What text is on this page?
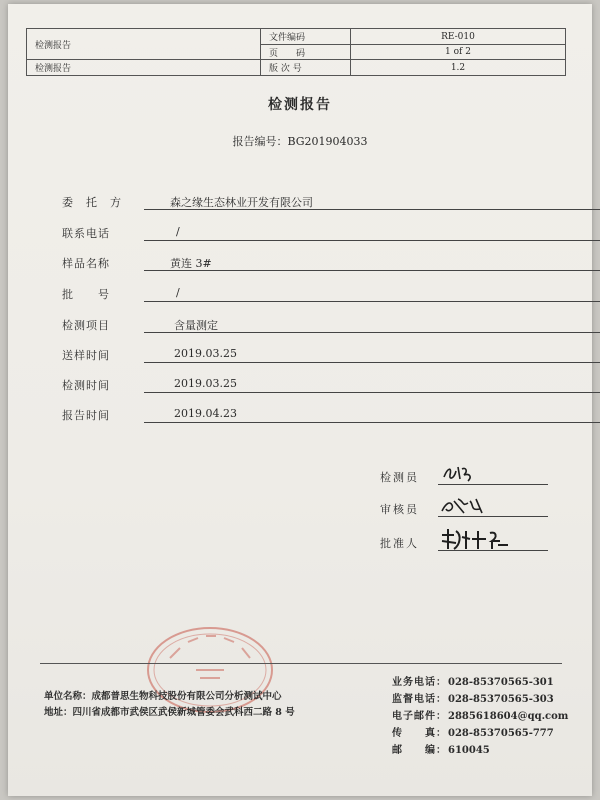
检测报告
检测报告
文件编码	RE-010
页　　码	1 of 2
版 次 号	1.2
检测报告
报告编号：BG201904033
委　托　方	森之缘生态林业开发有限公司
联系电话	/
样品名称	黄连 3#
批　　号	/
检测项目	含量测定
送样时间	2019.03.25
检测时间	2019.03.25
报告时间	2019.04.23
检测员
审核员
批准人
单位名称：成都普思生物科技股份有限公司分析测试中心
地址：四川省成都市武侯区武侯新城管委会武科西二路 8 号
业务电话：028-85370565-301
监督电话：028-85370565-303
电子邮件：2885618604@qq.com
传　　真：028-85370565-777
邮　　编：610045
